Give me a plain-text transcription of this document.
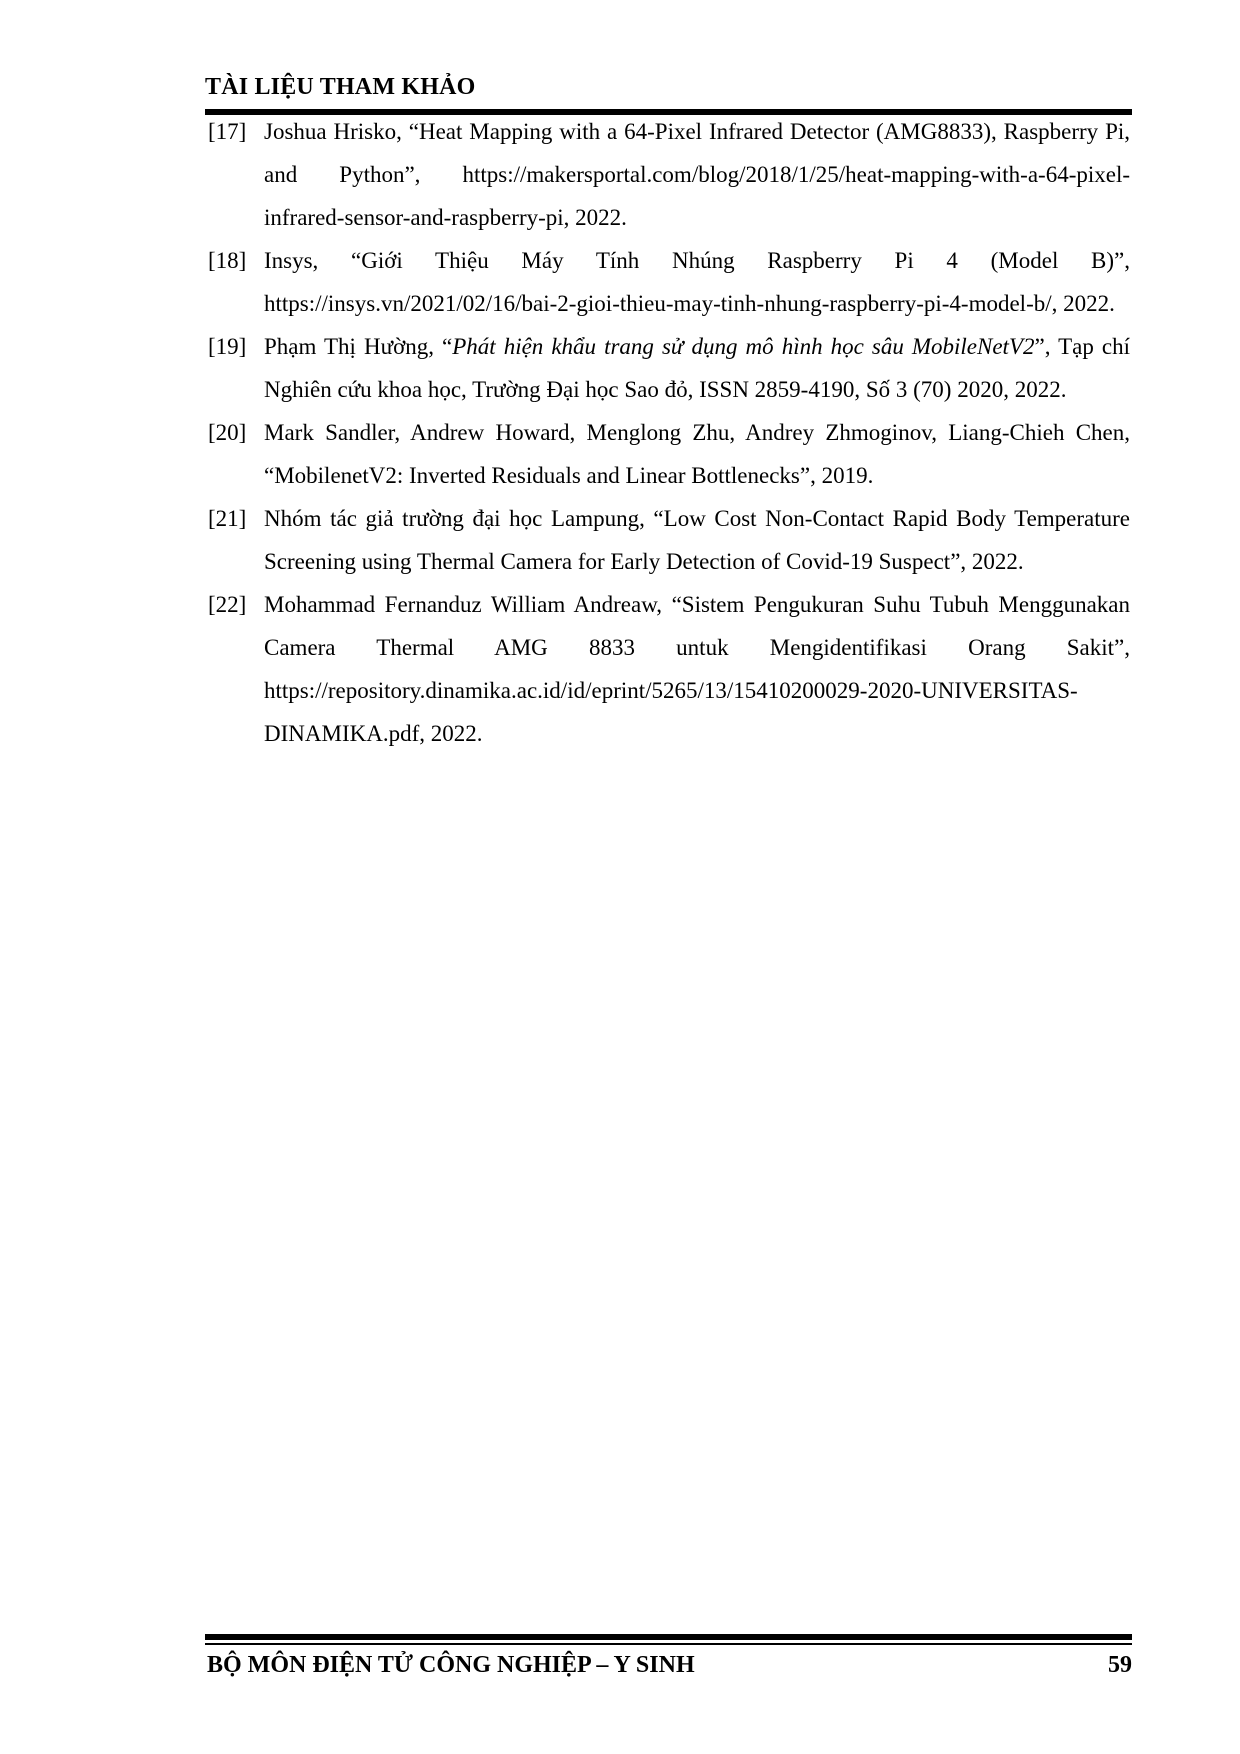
TÀI LIỆU THAM KHẢO
[17] Joshua Hrisko, “Heat Mapping with a 64-Pixel Infrared Detector (AMG8833), Raspberry Pi, and Python”, https://makersportal.com/blog/2018/1/25/heat-mapping-with-a-64-pixel-infrared-sensor-and-raspberry-pi, 2022.
[18] Insys, “Giới Thiệu Máy Tính Nhúng Raspberry Pi 4 (Model B)”, https://insys.vn/2021/02/16/bai-2-gioi-thieu-may-tinh-nhung-raspberry-pi-4-model-b/, 2022.
[19] Phạm Thị Hường, “Phát hiện khẩu trang sử dụng mô hình học sâu MobileNetV2”, Tạp chí Nghiên cứu khoa học, Trường Đại học Sao đỏ, ISSN 2859-4190, Số 3 (70) 2020, 2022.
[20] Mark Sandler, Andrew Howard, Menglong Zhu, Andrey Zhmoginov, Liang-Chieh Chen, “MobilenetV2: Inverted Residuals and Linear Bottlenecks”, 2019.
[21] Nhóm tác giả trường đại học Lampung, “Low Cost Non-Contact Rapid Body Temperature Screening using Thermal Camera for Early Detection of Covid-19 Suspect”, 2022.
[22] Mohammad Fernanduz William Andreaw, “Sistem Pengukuran Suhu Tubuh Menggunakan Camera Thermal AMG 8833 untuk Mengidentifikasi Orang Sakit”, https://repository.dinamika.ac.id/id/eprint/5265/13/15410200029-2020-UNIVERSITAS-DINAMIKA.pdf, 2022.
BỘ MÔN ĐIỆN TỬ CÔNG NGHIỆP – Y SINH	59
